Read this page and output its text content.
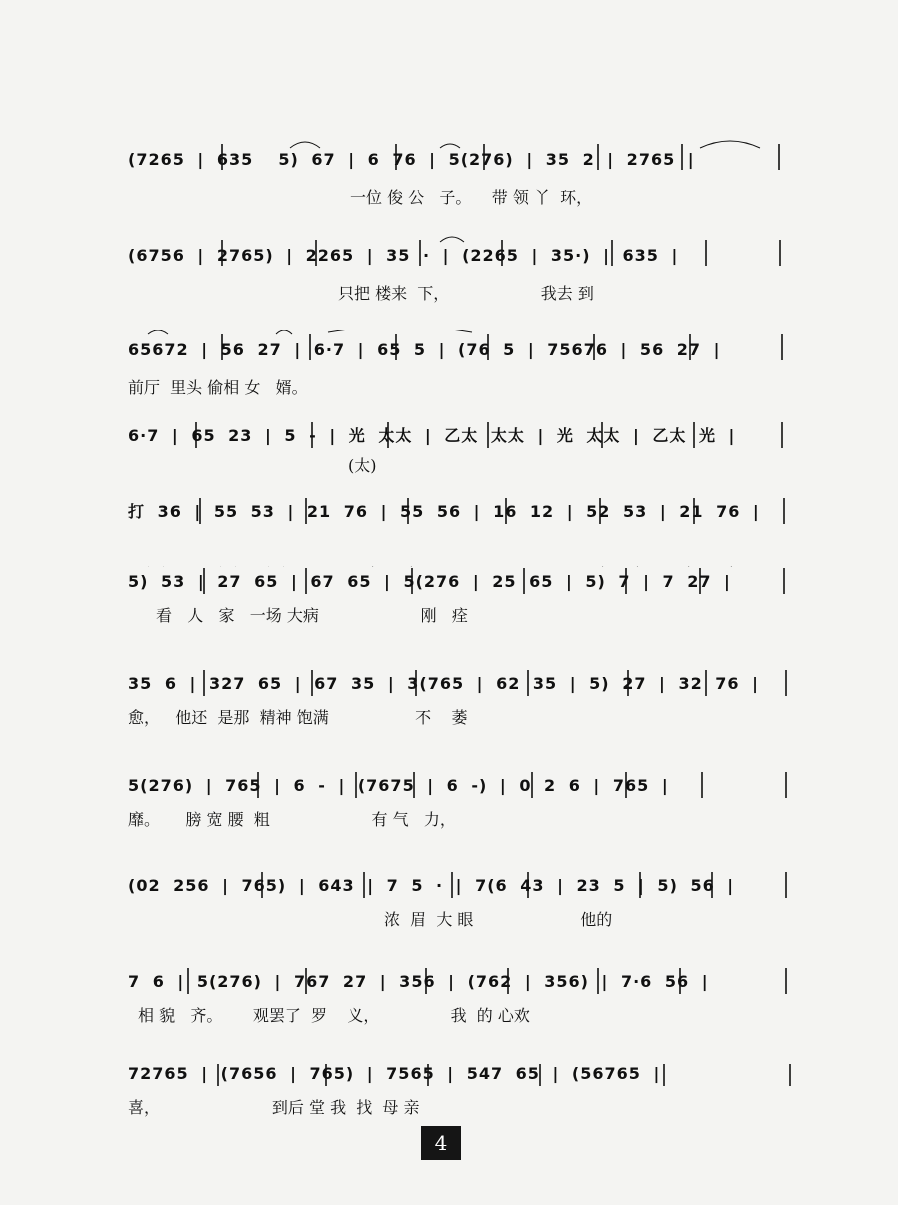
(7265 | 635  5) 67 | 6 76 | 5(276) | 35 2 | 2765 |
一位 俊 公   子。    带 领 丫  环，
(6756 | 2765) | 2265 | 35 · | (2265 | 35·) | 635 |
只把 楼来  下，                  我去 到
65672 | 56 27 | 6·7 | 65 5 | (76 5 | 75676 | 56 27 |
前厅  里头 偷相 女   婿。
6·7 | 65 23 | 5 - | 光 太太 | 乙太 太太 | 光 太太 | 乙太 光 |
(太)
打 36 | 55 53 | 21 76 | 55 56 | 16 12 | 52 53 | 21 76 |
5) 53 | 27 65 | 67 65 | 5(276 | 25 65 | 5) 7 | 7 27 |
看   人   家   一场 大病                    刚   痊
35 6 | 327 65 | 67 35 | 3(765 | 62 35 | 5) 27 | 32 76 |
愈，   他还  是那  精神 饱满                 不    萎
5(276) | 765 | 6 - | (7675 | 6 -) | 0 2 6 | 765 |
靡。     膀 宽 腰  粗                    有 气   力，
(02 256 | 765) | 643 | 7 5 · | 7(6 43 | 23 5 | 5) 56 |
浓  眉  大 眼                     他的
7 6 | 5(276) | 767 27 | 356 | (762 | 356) | 7·6 56 |
相 貌   齐。      观罢了  罗    义，              我  的 心欢
72765 | (7656 | 765) | 7565 | 547 65 | (56765 |
喜，                      到后 堂 我  找  母 亲
4
